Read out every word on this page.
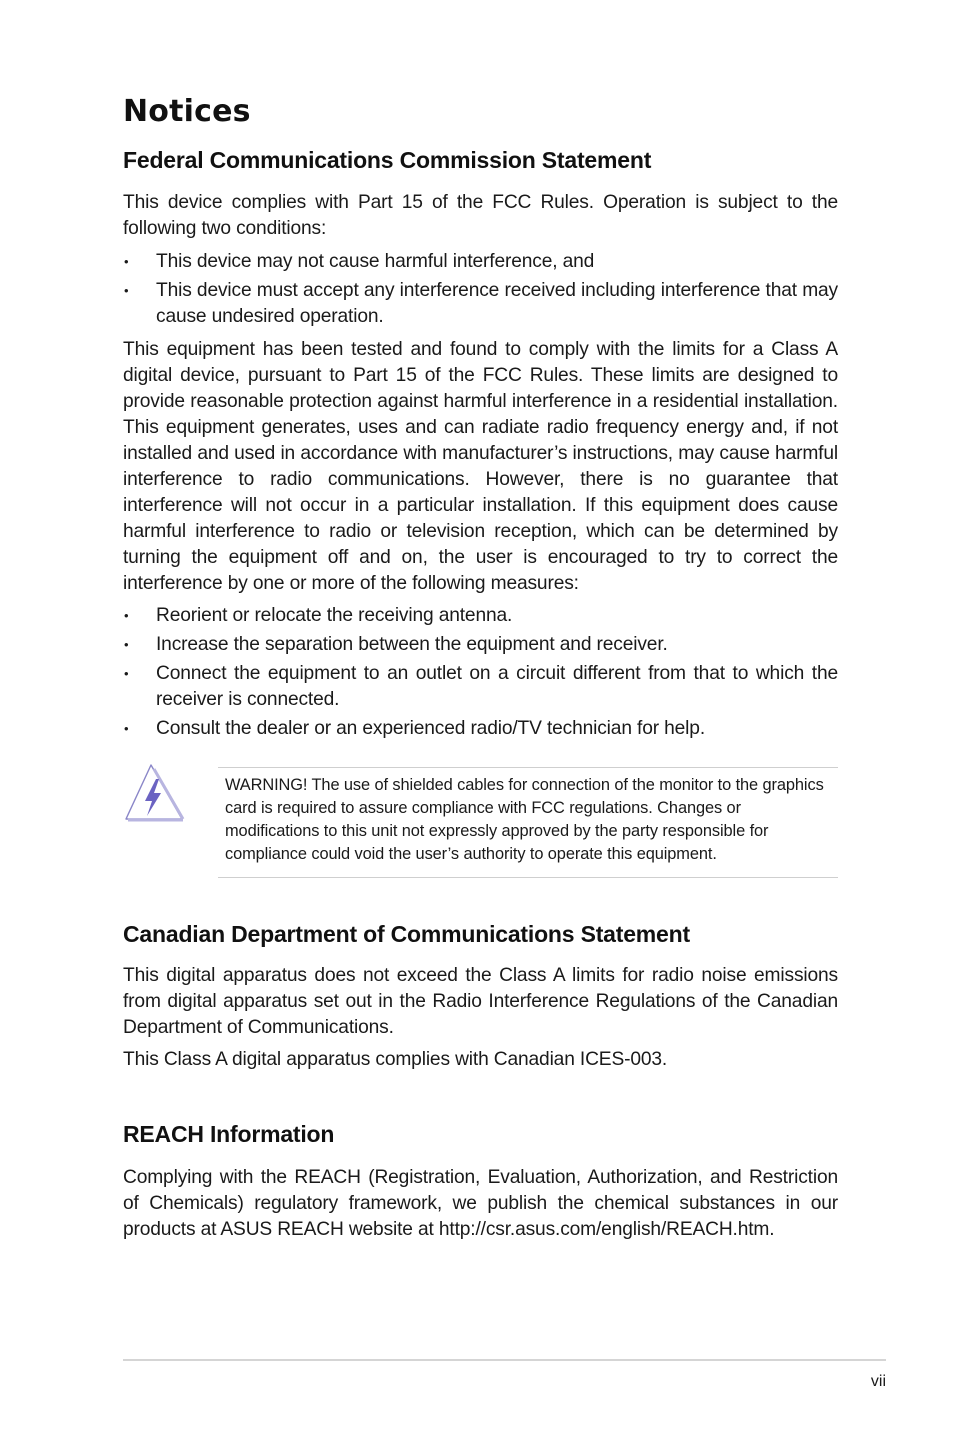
Notices
Federal Communications Commission Statement

This device complies with Part 15 of the FCC Rules. Operation is subject to the following two conditions:

• This device may not cause harmful interference, and
• This device must accept any interference received including interference that may cause undesired operation.

This equipment has been tested and found to comply with the limits for a Class A digital device, pursuant to Part 15 of the FCC Rules. These limits are designed to provide reasonable protection against harmful interference in a residential installation. This equipment generates, uses and can radiate radio frequency energy and, if not installed and used in accordance with manufacturer’s instructions, may cause harmful interference to radio communications. However, there is no guarantee that interference will not occur in a particular installation. If this equipment does cause harmful interference to radio or television reception, which can be determined by turning the equipment off and on, the user is encouraged to try to correct the interference by one or more of the following measures:

• Reorient or relocate the receiving antenna.
• Increase the separation between the equipment and receiver.
• Connect the equipment to an outlet on a circuit different from that to which the receiver is connected.
• Consult the dealer or an experienced radio/TV technician for help.

WARNING! The use of shielded cables for connection of the monitor to the graphics card is required to assure compliance with FCC regulations. Changes or modifications to this unit not expressly approved by the party responsible for compliance could void the user’s authority to operate this equipment.

Canadian Department of Communications Statement

This digital apparatus does not exceed the Class A limits for radio noise emissions from digital apparatus set out in the Radio Interference Regulations of the Canadian Department of Communications.

This Class A digital apparatus complies with Canadian ICES-003.

REACH Information

Complying with the REACH (Registration, Evaluation, Authorization, and Restriction of Chemicals) regulatory framework, we publish the chemical substances in our products at ASUS REACH website at http://csr.asus.com/english/REACH.htm.

vii
